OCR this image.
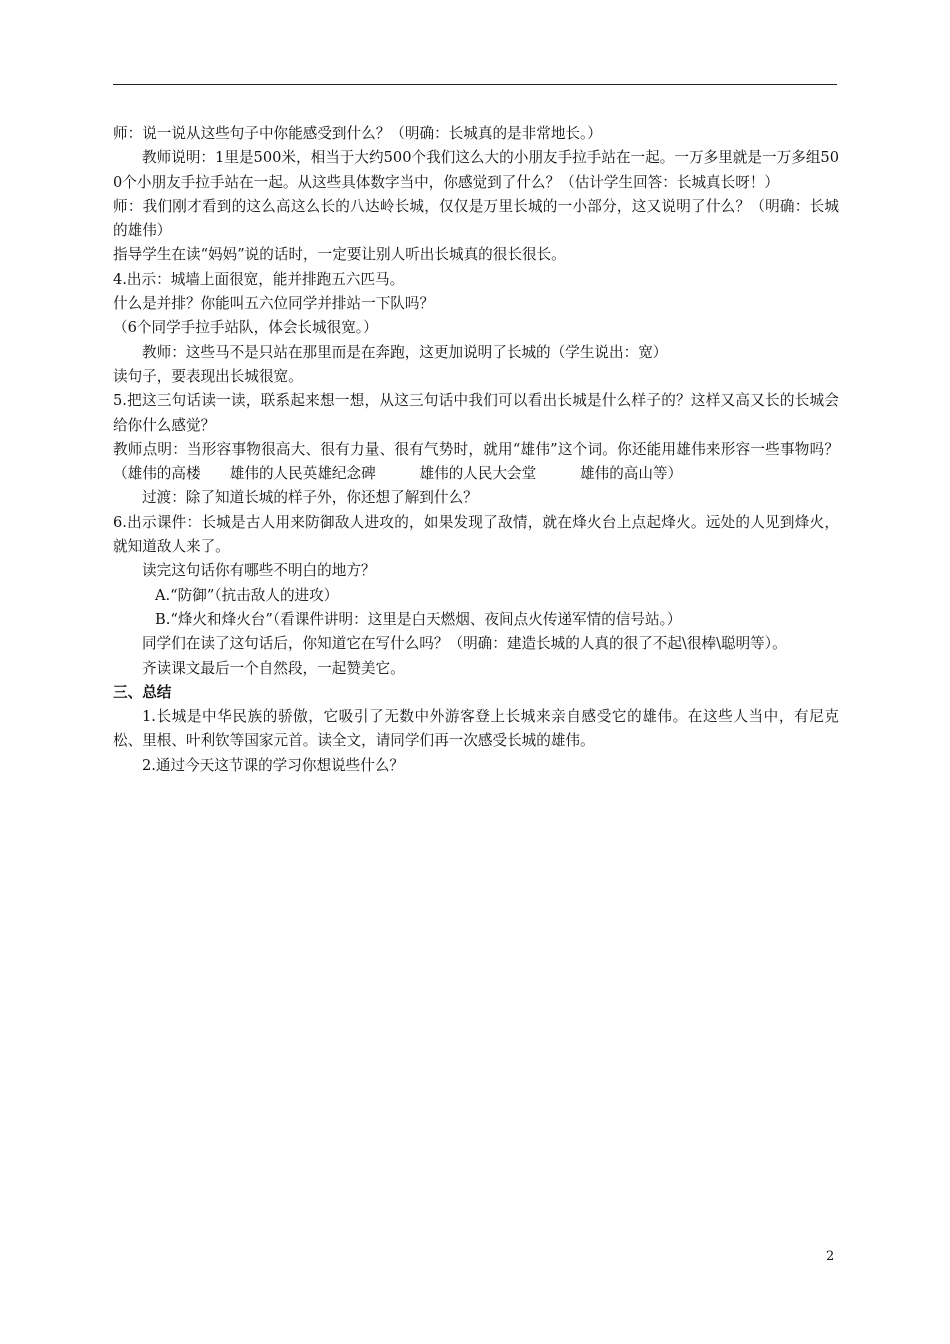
师：说一说从这些句子中你能感受到什么？（明确：长城真的是非常地长。）

教师说明：1里是500米，相当于大约500个我们这么大的小朋友手拉手站在一起。一万多里就是一万多组500个小朋友手拉手站在一起。从这些具体数字当中，你感觉到了什么？（估计学生回答：长城真长呀！）

师：我们刚才看到的这么高这么长的八达岭长城，仅仅是万里长城的一小部分，这又说明了什么？（明确：长城的雄伟）

指导学生在读“妈妈”说的话时，一定要让别人听出长城真的很长很长。

4.出示：城墙上面很宽，能并排跑五六匹马。

什么是并排？你能叫五六位同学并排站一下队吗？

（6个同学手拉手站队，体会长城很宽。）

教师：这些马不是只站在那里而是在奔跑，这更加说明了长城的（学生说出：宽）

读句子，要表现出长城很宽。

5.把这三句话读一读，联系起来想一想，从这三句话中我们可以看出长城是什么样子的？这样又高又长的长城会给你什么感觉？

教师点明：当形容事物很高大、很有力量、很有气势时，就用“雄伟”这个词。你还能用雄伟来形容一些事物吗？（雄伟的高楼　　雄伟的人民英雄纪念碑　　　雄伟的人民大会堂　　　雄伟的高山等）

过渡：除了知道长城的样子外，你还想了解到什么？

6.出示课件：长城是古人用来防御敌人进攻的，如果发现了敌情，就在烽火台上点起烽火。远处的人见到烽火，就知道敌人来了。

读完这句话你有哪些不明白的地方？

A.“防御”（抗击敌人的进攻）

B.“烽火和烽火台”（看课件讲明：这里是白天燃烟、夜间点火传递军情的信号站。）

同学们在读了这句话后，你知道它在写什么吗？（明确：建造长城的人真的很了不起\很棒\聪明等）。

齐读课文最后一个自然段，一起赞美它。

三、总结

1.长城是中华民族的骄傲，它吸引了无数中外游客登上长城来亲自感受它的雄伟。在这些人当中，有尼克松、里根、叶利钦等国家元首。读全文，请同学们再一次感受长城的雄伟。

2.通过今天这节课的学习你想说些什么？

2
